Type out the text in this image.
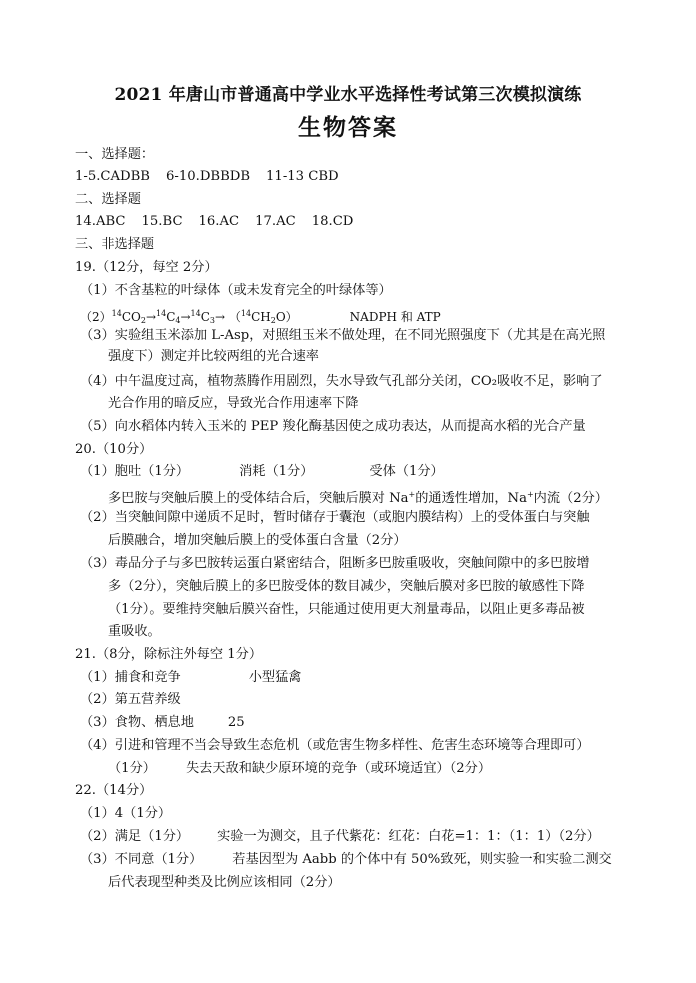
2021 年唐山市普通高中学业水平选择性考试第三次模拟演练
生物答案
一、选择题：
1-5.CADBB 6-10.DBBDB 11-13 CBD
二、选择题
14.ABC 15.BC 16.AC 17.AC 18.CD
三、非选择题
19.（12分，每空 2分）
（1）不含基粒的叶绿体（或未发育完全的叶绿体等）
$(2)^{14}CO_2\to^{14}C_4\to^{14}C_3\to (^{14}CH_2O)$	NADPH 和 ATP
（3）实验组玉米添加 L-Asp，对照组玉米不做处理，在不同光照强度下（尤其是在高光照
强度下）测定并比较两组的光合速率
（4）中午温度过高，植物蒸腾作用剧烈，失水导致气孔部分关闭，CO₂吸收不足，影响了
光合作用的暗反应，导致光合作用速率下降
（5）向水稻体内转入玉米的 PEP 羧化酶基因使之成功表达，从而提高水稻的光合产量
20.（10分）
（1）胞吐（1分）	消耗（1分）	受体（1分）
多巴胺与突触后膜上的受体结合后，突触后膜对 Na+的通透性增加，Na+内流（2分）
（2）当突触间隙中递质不足时，暂时储存于囊泡（或胞内膜结构）上的受体蛋白与突触
后膜融合，增加突触后膜上的受体蛋白含量（2分）
（3）毒品分子与多巴胺转运蛋白紧密结合，阻断多巴胺重吸收，突触间隙中的多巴胺增
多（2分），突触后膜上的多巴胺受体的数目减少，突触后膜对多巴胺的敏感性下降
（1分）。要维持突触后膜兴奋性，只能通过使用更大剂量毒品，以阻止更多毒品被
重吸收。
21.（8分，除标注外每空 1分）
（1）捕食和竞争	小型猛禽
（2）第五营养级
（3）食物、栖息地	25
（4）引进和管理不当会导致生态危机（或危害生物多样性、危害生态环境等合理即可）
（1分） 失去天敌和缺少原环境的竞争（或环境适宜）（2分）
22.（14分）
（1）4（1分）
（2）满足（1分） 实验一为测交，且子代紫花：红花：白花=1：1：（1：1）（2分）
（3）不同意（1分） 若基因型为 Aabb 的个体中有 50%致死，则实验一和实验二测交
后代表现型种类及比例应该相同（2分）
